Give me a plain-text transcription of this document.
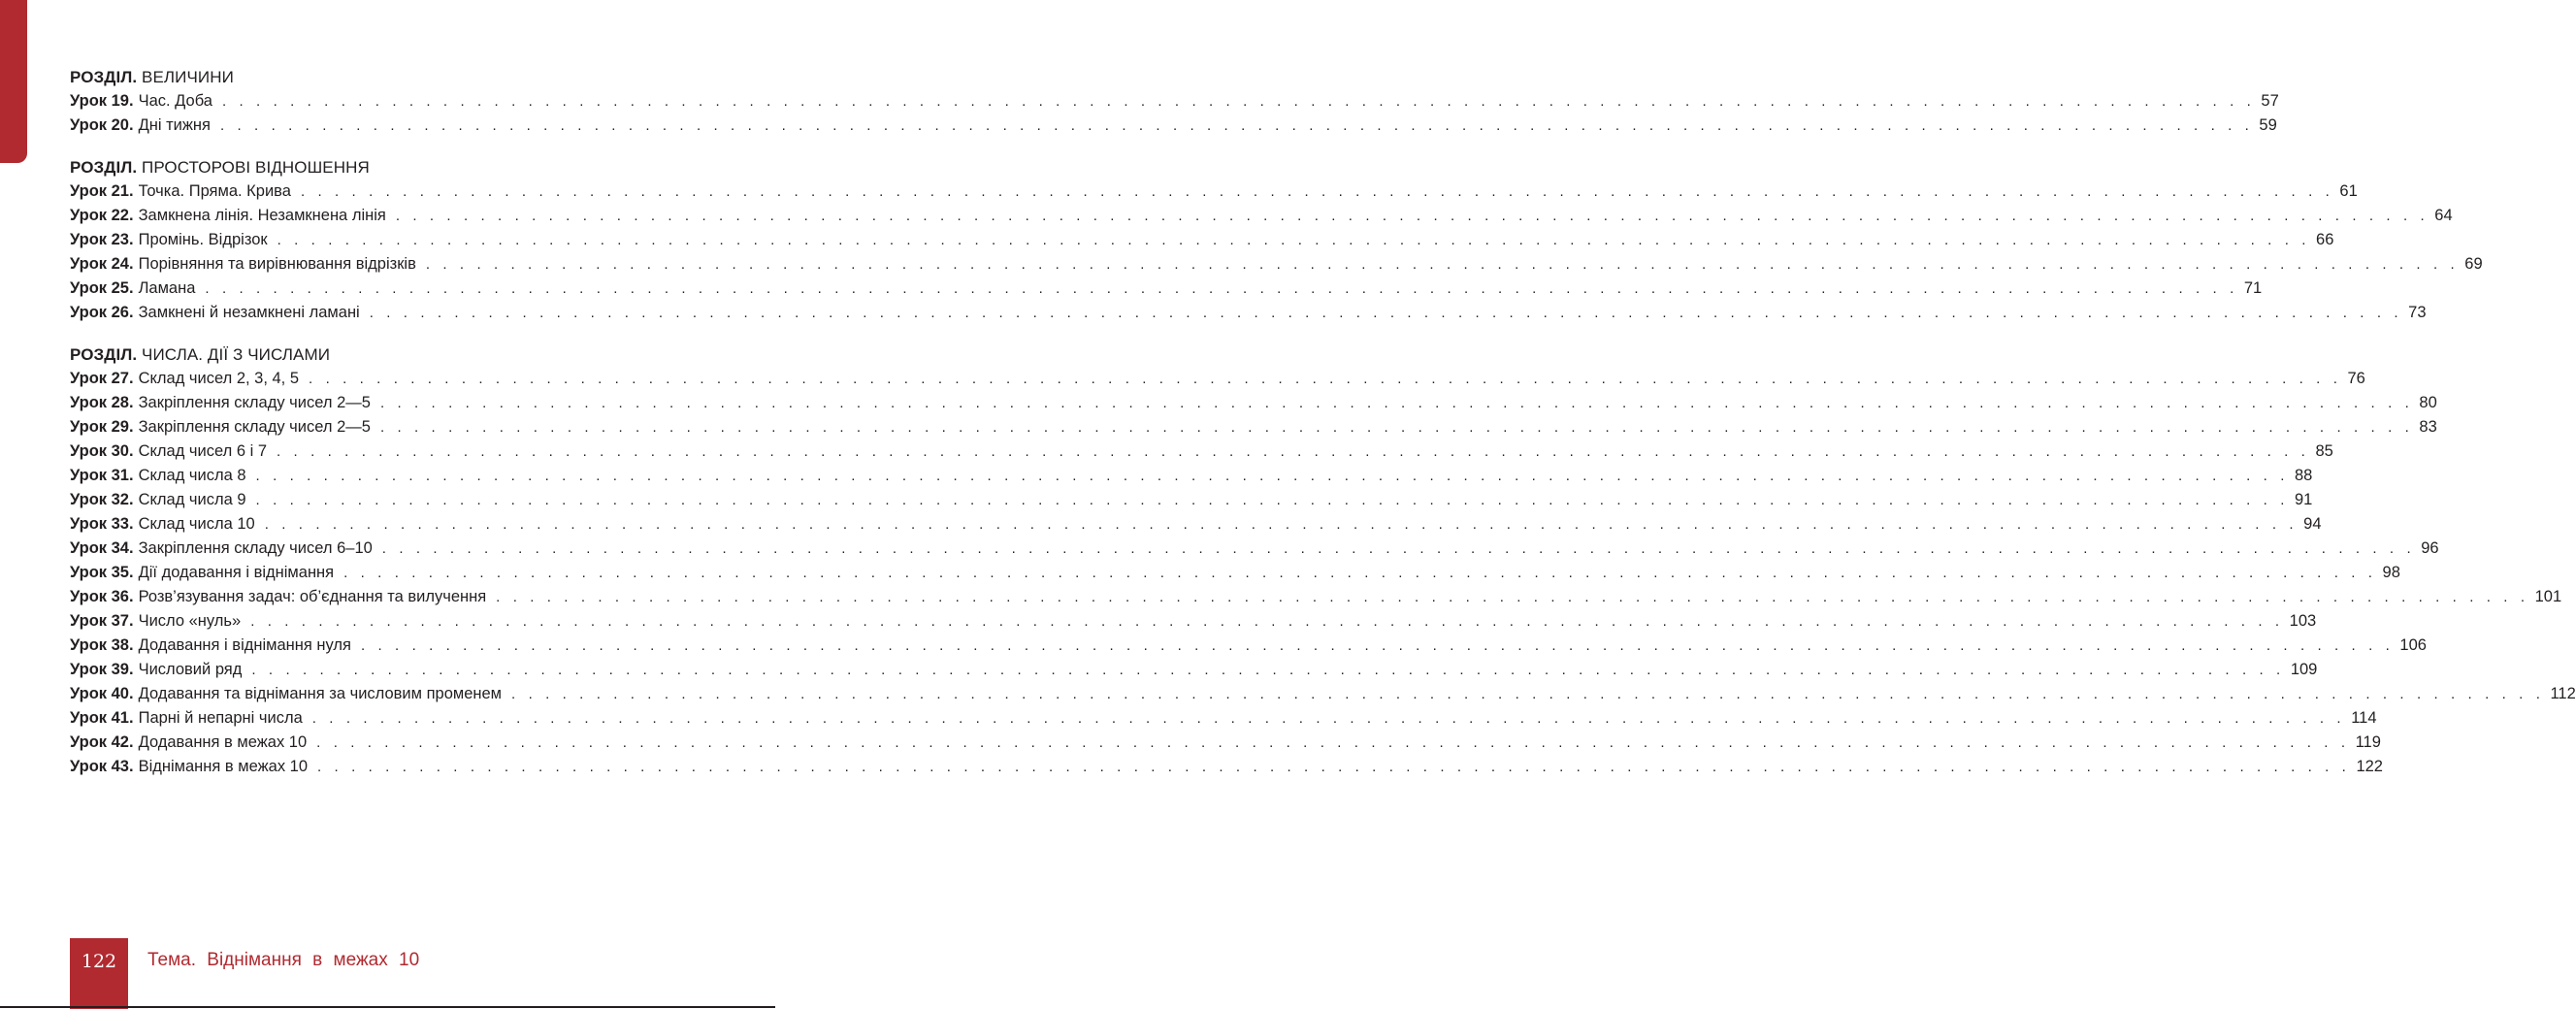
РОЗДІЛ. ВЕЛИЧИНИ
Урок 19. Час. Доба . . . . . . . . . . . . . . . . . . . . . . . . . . . . . . . . . . . . . . . . . . . . . . . . . . . . . . . . . . . . . . . . . . . . . . . . . . . . . . . . . . . . . . . . . . . . . . . . . . . . . . . . . . . . . . . . . . . . . . . . 57
Урок 20. Дні тижня . . . . . . . . . . . . . . . . . . . . . . . . . . . . . . . . . . . . . . . . . . . . . . . . . . . . . . . . . . . . . . . . . . . . . . . . . . . . . . . . . . . . . . . . . . . . . . . . . . . . . . . . . . . . . . . . . . . . . . . . 59
РОЗДІЛ. ПРОСТОРОВІ ВІДНОШЕННЯ
Урок 21. Точка. Пряма. Крива . . . . . . . . . . . . . . . . . . . . . . . . . . . . . . . . . . . . . . . . . . . . . . . . . . . . . . . . . . . . . . . . . . . . . . . . . . . . . . . . . . . . . . . . . . . . . . . . . . . . . . . . . . . . . . . . . . . . . . . . 61
Урок 22. Замкнена лінія. Незамкнена лінія . . . . . . . . . . . . . . . . . . . . . . . . . . . . . . . . . . . . . . . . . . . . . . . . . . . . . . . . . . . . . . . . . . . . . . . . . . . . . . . . . . . . . . . . . . . . . . . . . . . . . . . . . . . . . . . . . . . . . . . . 64
Урок 23. Промінь. Відрізок . . . . . . . . . . . . . . . . . . . . . . . . . . . . . . . . . . . . . . . . . . . . . . . . . . . . . . . . . . . . . . . . . . . . . . . . . . . . . . . . . . . . . . . . . . . . . . . . . . . . . . . . . . . . . . . . . . . . . . . . 66
Урок 24. Порівняння та вирівнювання відрізків . . . . . . . . . . . . . . . . . . . . . . . . . . . . . . . . . . . . . . . . . . . . . . . . . . . . . . . . . . . . . . . . . . . . . . . . . . . . . . . . . . . . . . . . . . . . . . . . . . . . . . . . . . . . . . . . . . . . . . . . 69
Урок 25. Ламана . . . . . . . . . . . . . . . . . . . . . . . . . . . . . . . . . . . . . . . . . . . . . . . . . . . . . . . . . . . . . . . . . . . . . . . . . . . . . . . . . . . . . . . . . . . . . . . . . . . . . . . . . . . . . . . . . . . . . . . . 71
Урок 26. Замкнені й незамкнені ламані . . . . . . . . . . . . . . . . . . . . . . . . . . . . . . . . . . . . . . . . . . . . . . . . . . . . . . . . . . . . . . . . . . . . . . . . . . . . . . . . . . . . . . . . . . . . . . . . . . . . . . . . . . . . . . . . . . . . . . . . 73
РОЗДІЛ. ЧИСЛА. ДІЇ З ЧИСЛАМИ
Урок 27. Склад чисел 2, 3, 4, 5 . . . . . . . . . . . . . . . . . . . . . . . . . . . . . . . . . . . . . . . . . . . . . . . . . . . . . . . . . . . . . . . . . . . . . . . . . . . . . . . . . . . . . . . . . . . . . . . . . . . . . . . . . . . . . . . . . . . . . . . . 76
Урок 28. Закріплення складу чисел 2—5 . . . . . . . . . . . . . . . . . . . . . . . . . . . . . . . . . . . . . . . . . . . . . . . . . . . . . . . . . . . . . . . . . . . . . . . . . . . . . . . . . . . . . . . . . . . . . . . . . . . . . . . . . . . . . . . . . . . . . . . . 80
Урок 29. Закріплення складу чисел 2—5 . . . . . . . . . . . . . . . . . . . . . . . . . . . . . . . . . . . . . . . . . . . . . . . . . . . . . . . . . . . . . . . . . . . . . . . . . . . . . . . . . . . . . . . . . . . . . . . . . . . . . . . . . . . . . . . . . . . . . . . . 83
Урок 30. Склад чисел 6 і 7 . . . . . . . . . . . . . . . . . . . . . . . . . . . . . . . . . . . . . . . . . . . . . . . . . . . . . . . . . . . . . . . . . . . . . . . . . . . . . . . . . . . . . . . . . . . . . . . . . . . . . . . . . . . . . . . . . . . . . . . . 85
Урок 31. Склад числа 8 . . . . . . . . . . . . . . . . . . . . . . . . . . . . . . . . . . . . . . . . . . . . . . . . . . . . . . . . . . . . . . . . . . . . . . . . . . . . . . . . . . . . . . . . . . . . . . . . . . . . . . . . . . . . . . . . . . . . . . . . 88
Урок 32. Склад числа 9 . . . . . . . . . . . . . . . . . . . . . . . . . . . . . . . . . . . . . . . . . . . . . . . . . . . . . . . . . . . . . . . . . . . . . . . . . . . . . . . . . . . . . . . . . . . . . . . . . . . . . . . . . . . . . . . . . . . . . . . . 91
Урок 33. Склад числа 10 . . . . . . . . . . . . . . . . . . . . . . . . . . . . . . . . . . . . . . . . . . . . . . . . . . . . . . . . . . . . . . . . . . . . . . . . . . . . . . . . . . . . . . . . . . . . . . . . . . . . . . . . . . . . . . . . . . . . . . . . 94
Урок 34. Закріплення складу чисел 6–10 . . . . . . . . . . . . . . . . . . . . . . . . . . . . . . . . . . . . . . . . . . . . . . . . . . . . . . . . . . . . . . . . . . . . . . . . . . . . . . . . . . . . . . . . . . . . . . . . . . . . . . . . . . . . . . . . . . . . . . . . 96
Урок 35. Дії додавання і віднімання . . . . . . . . . . . . . . . . . . . . . . . . . . . . . . . . . . . . . . . . . . . . . . . . . . . . . . . . . . . . . . . . . . . . . . . . . . . . . . . . . . . . . . . . . . . . . . . . . . . . . . . . . . . . . . . . . . . . . . . . 98
Урок 36. Розв’язування задач: об’єднання та вилучення . . . . . . . . . . . . . . . . . . . . . . . . . . . . . . . . . . . . . . . . . . . . . . . . . . . . . . . . . . . . . . . . . . . . . . . . . . . . . . . . . . . . . . . . . . . . . . . . . . . . . . . . . . . . . . . . . . . . . . . . 101
Урок 37. Число «нуль» . . . . . . . . . . . . . . . . . . . . . . . . . . . . . . . . . . . . . . . . . . . . . . . . . . . . . . . . . . . . . . . . . . . . . . . . . . . . . . . . . . . . . . . . . . . . . . . . . . . . . . . . . . . . . . . . . . . . . . . . 103
Урок 38. Додавання і віднімання нуля . . . . . . . . . . . . . . . . . . . . . . . . . . . . . . . . . . . . . . . . . . . . . . . . . . . . . . . . . . . . . . . . . . . . . . . . . . . . . . . . . . . . . . . . . . . . . . . . . . . . . . . . . . . . . . . . . . . . . . . . 106
Урок 39. Числовий ряд . . . . . . . . . . . . . . . . . . . . . . . . . . . . . . . . . . . . . . . . . . . . . . . . . . . . . . . . . . . . . . . . . . . . . . . . . . . . . . . . . . . . . . . . . . . . . . . . . . . . . . . . . . . . . . . . . . . . . . . . 109
Урок 40. Додавання та віднімання за числовим променем . . . . . . . . . . . . . . . . . . . . . . . . . . . . . . . . . . . . . . . . . . . . . . . . . . . . . . . . . . . . . . . . . . . . . . . . . . . . . . . . . . . . . . . . . . . . . . . . . . . . . . . . . . . . . . . . . . . . . . . . 112
Урок 41. Парні й непарні числа . . . . . . . . . . . . . . . . . . . . . . . . . . . . . . . . . . . . . . . . . . . . . . . . . . . . . . . . . . . . . . . . . . . . . . . . . . . . . . . . . . . . . . . . . . . . . . . . . . . . . . . . . . . . . . . . . . . . . . . . 114
Урок 42. Додавання в межах 10 . . . . . . . . . . . . . . . . . . . . . . . . . . . . . . . . . . . . . . . . . . . . . . . . . . . . . . . . . . . . . . . . . . . . . . . . . . . . . . . . . . . . . . . . . . . . . . . . . . . . . . . . . . . . . . . . . . . . . . . . 119
Урок 43. Віднімання в межах 10 . . . . . . . . . . . . . . . . . . . . . . . . . . . . . . . . . . . . . . . . . . . . . . . . . . . . . . . . . . . . . . . . . . . . . . . . . . . . . . . . . . . . . . . . . . . . . . . . . . . . . . . . . . . . . . . . . . . . . . . . 122
122	Тема. Віднімання в межах 10
